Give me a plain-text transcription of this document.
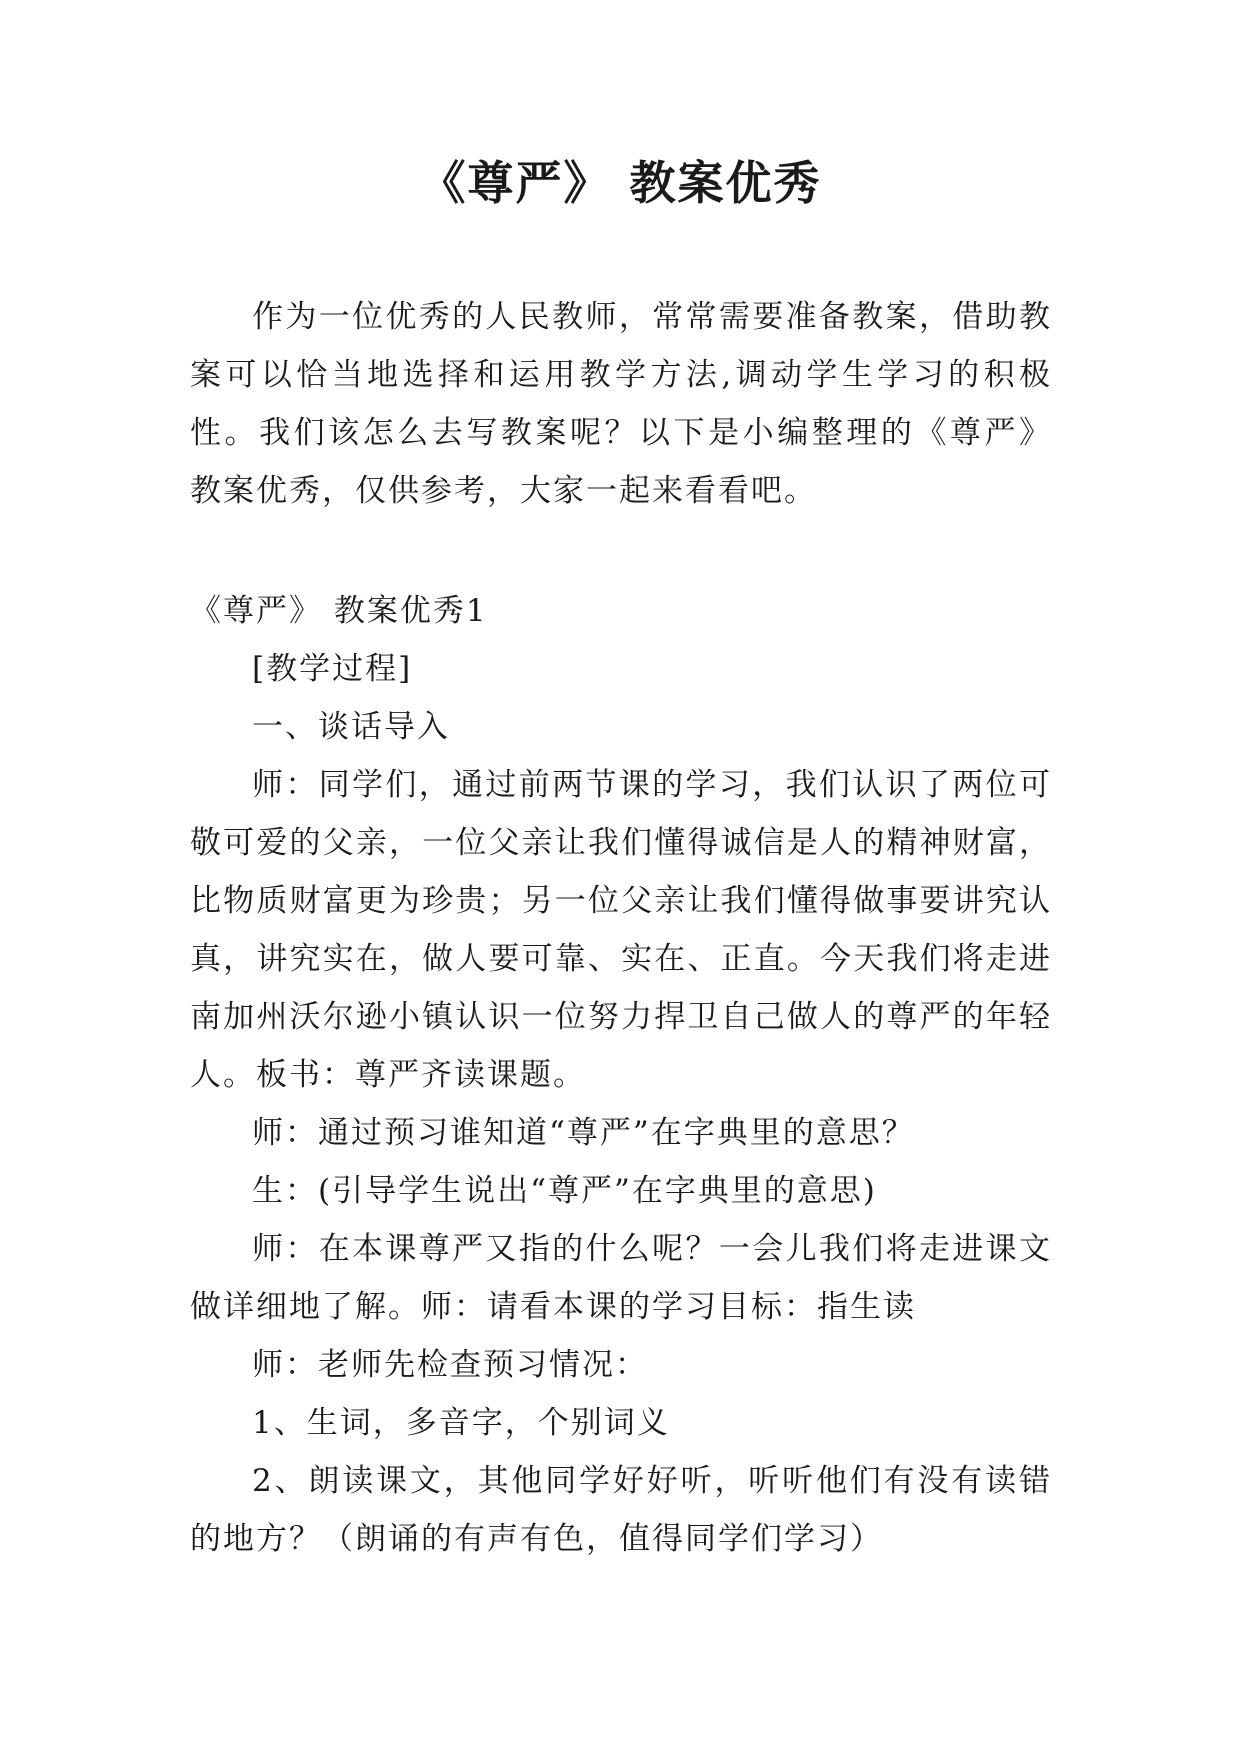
《尊严》 教案优秀

作为一位优秀的人民教师，常常需要准备教案，借助教案可以恰当地选择和运用教学方法,调动学生学习的积极性。我们该怎么去写教案呢？以下是小编整理的《尊严》 教案优秀，仅供参考，大家一起来看看吧。

《尊严》 教案优秀1

[教学过程]

一、谈话导入

师：同学们，通过前两节课的学习，我们认识了两位可敬可爱的父亲，一位父亲让我们懂得诚信是人的精神财富，比物质财富更为珍贵；另一位父亲让我们懂得做事要讲究认真，讲究实在，做人要可靠、实在、正直。今天我们将走进南加州沃尔逊小镇认识一位努力捍卫自己做人的尊严的年轻人。板书：尊严齐读课题。

师：通过预习谁知道“尊严”在字典里的意思？

生：(引导学生说出“尊严”在字典里的意思)

师：在本课尊严又指的什么呢？一会儿我们将走进课文做详细地了解。师：请看本课的学习目标：指生读

师：老师先检查预习情况：

1、生词，多音字，个别词义

2、朗读课文，其他同学好好听，听听他们有没有读错的地方？（朗诵的有声有色，值得同学们学习）
